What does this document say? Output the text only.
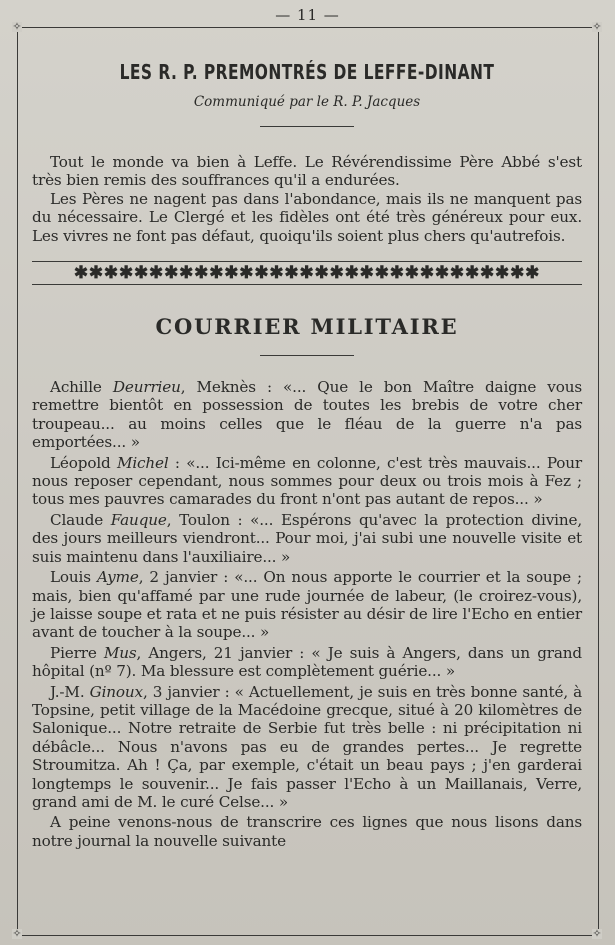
— 11 —
✧	✧
✧	✧
LES R. P. PREMONTRÉS DE LEFFE-DINANT
Communiqué par le R. P. Jacques

Tout le monde va bien à Leffe. Le Révérendissime Père Abbé s'est très bien remis des souffrances qu'il a endurées.

Les Pères ne nagent pas dans l'abondance, mais ils ne manquent pas du nécessaire. Le Clergé et les fidèles ont été très généreux pour eux. Les vivres ne font pas défaut, quoiqu'ils soient plus chers qu'autrefois.

✱✱✱✱✱✱✱✱✱✱✱✱✱✱✱✱✱✱✱✱✱✱✱✱✱✱✱✱✱✱✱
COURRIER MILITAIRE

Achille Deurrieu, Meknès : «... Que le bon Maître daigne vous remettre bientôt en possession de toutes les brebis de votre cher troupeau... au moins celles que le fléau de la guerre n'a pas emportées... »

Léopold Michel : «... Ici-même en colonne, c'est très mauvais... Pour nous reposer cependant, nous sommes pour deux ou trois mois à Fez ; tous mes pauvres camarades du front n'ont pas autant de repos... »

Claude Fauque, Toulon : «... Espérons qu'avec la protection divine, des jours meilleurs viendront... Pour moi, j'ai subi une nouvelle visite et suis maintenu dans l'auxiliaire... »

Louis Ayme, 2 janvier : «... On nous apporte le courrier et la soupe ; mais, bien qu'affamé par une rude journée de labeur, (le croirez-vous), je laisse soupe et rata et ne puis résister au désir de lire l'Echo en entier avant de toucher à la soupe... »

Pierre Mus, Angers, 21 janvier : « Je suis à Angers, dans un grand hôpital (nº 7). Ma blessure est complètement guérie... »

J.-M. Ginoux, 3 janvier : « Actuellement, je suis en très bonne santé, à Topsine, petit village de la Macédoine grecque, situé à 20 kilomètres de Salonique... Notre retraite de Serbie fut très belle : ni précipitation ni débâcle... Nous n'avons pas eu de grandes pertes... Je regrette Stroumitza. Ah ! Ça, par exemple, c'était un beau pays ; j'en garderai longtemps le souvenir... Je fais passer l'Echo à un Maillanais, Verre, grand ami de M. le curé Celse... »

A peine venons-nous de transcrire ces lignes que nous lisons dans notre journal la nouvelle suivante
